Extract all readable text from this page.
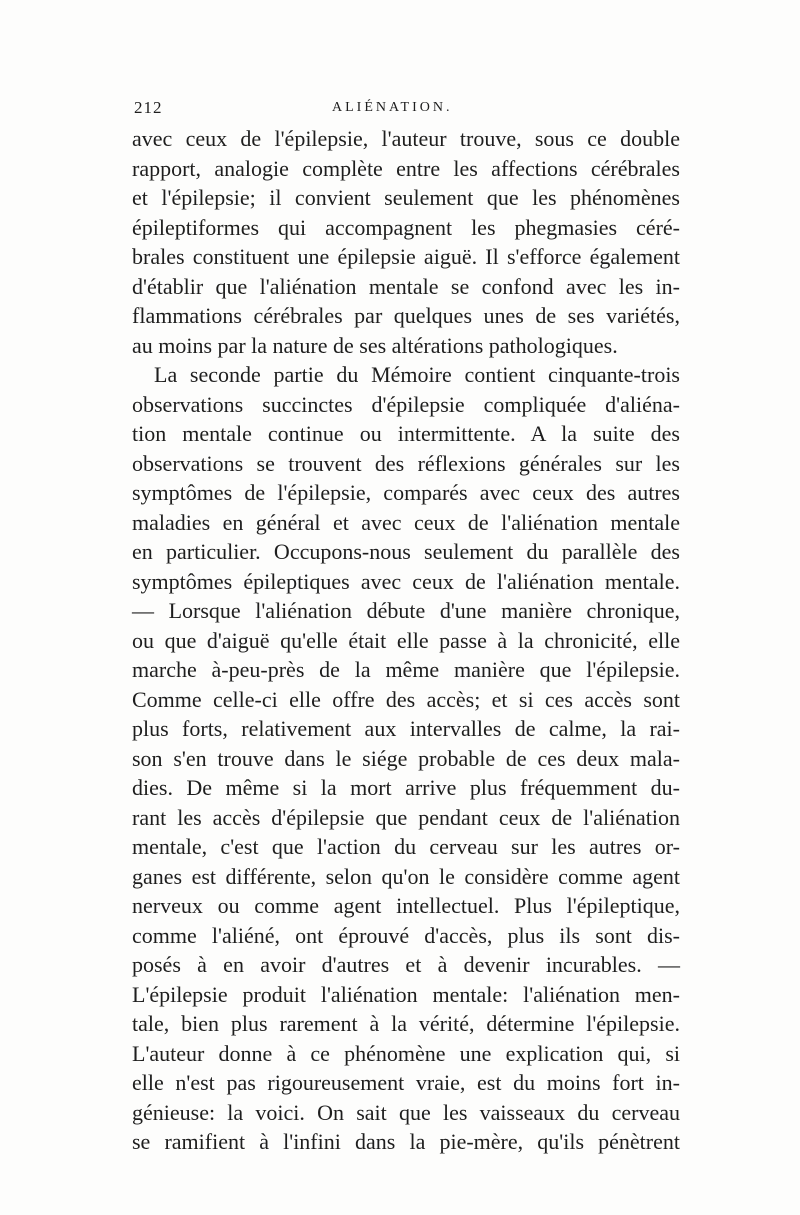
212	ALIÉNATION.
avec ceux de l'épilepsie, l'auteur trouve, sous ce double
rapport, analogie complète entre les affections cérébrales
et l'épilepsie; il convient seulement que les phénomènes
épileptiformes qui accompagnent les phegmasies céré-
brales constituent une épilepsie aiguë. Il s'efforce également
d'établir que l'aliénation mentale se confond avec les in-
flammations cérébrales par quelques unes de ses variétés,
au moins par la nature de ses altérations pathologiques.
La seconde partie du Mémoire contient cinquante-trois
observations succinctes d'épilepsie compliquée d'aliéna-
tion mentale continue ou intermittente. A la suite des
observations se trouvent des réflexions générales sur les
symptômes de l'épilepsie, comparés avec ceux des autres
maladies en général et avec ceux de l'aliénation mentale
en particulier. Occupons-nous seulement du parallèle des
symptômes épileptiques avec ceux de l'aliénation mentale.
— Lorsque l'aliénation débute d'une manière chronique,
ou que d'aiguë qu'elle était elle passe à la chronicité, elle
marche à-peu-près de la même manière que l'épilepsie.
Comme celle-ci elle offre des accès; et si ces accès sont
plus forts, relativement aux intervalles de calme, la rai-
son s'en trouve dans le siége probable de ces deux mala-
dies. De même si la mort arrive plus fréquemment du-
rant les accès d'épilepsie que pendant ceux de l'aliénation
mentale, c'est que l'action du cerveau sur les autres or-
ganes est différente, selon qu'on le considère comme agent
nerveux ou comme agent intellectuel. Plus l'épileptique,
comme l'aliéné, ont éprouvé d'accès, plus ils sont dis-
posés à en avoir d'autres et à devenir incurables. —
L'épilepsie produit l'aliénation mentale: l'aliénation men-
tale, bien plus rarement à la vérité, détermine l'épilepsie.
L'auteur donne à ce phénomène une explication qui, si
elle n'est pas rigoureusement vraie, est du moins fort in-
génieuse: la voici. On sait que les vaisseaux du cerveau
se ramifient à l'infini dans la pie-mère, qu'ils pénètrent
